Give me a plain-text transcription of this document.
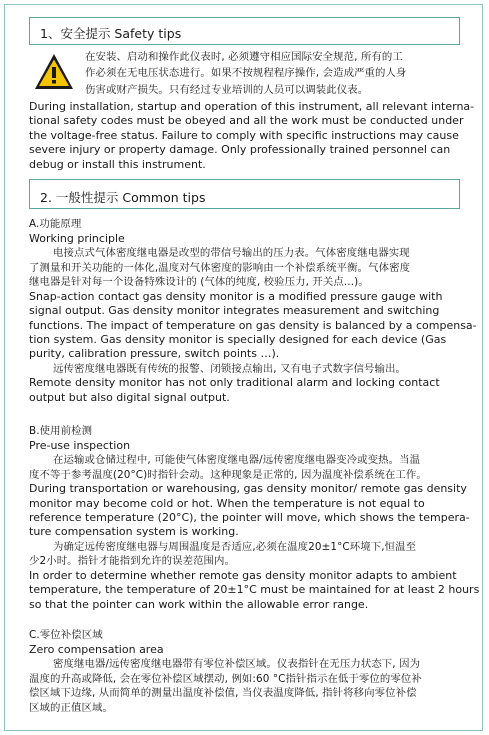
1、安全提示 Safety tips

在安装、启动和操作此仪表时, 必须遵守相应国际安全规范, 所有的工

作必须在无电压状态进行。如果不按规程程序操作, 会造成严重的人身

伤害或财产损失。只有经过专业培训的人员可以调装此仪表。

During installation, startup and operation of this instrument, all relevant interna-

tional safety codes must be obeyed and all the work must be conducted under

the voltage-free status. Failure to comply with specific instructions may cause

severe injury or property damage. Only professionally trained personnel can

debug or install this instrument.

2. 一般性提示 Common tips

A.功能原理

Working principle

电接点式气体密度继电器是改型的带信号输出的压力表。气体密度继电器实现

了测量和开关功能的一体化,温度对气体密度的影响由一个补偿系统平衡。气体密度

继电器是针对每一个设备特殊设计的 (气体的纯度, 校验压力, 开关点...)。

Snap-action contact gas density monitor is a modified pressure gauge with

signal output. Gas density monitor integrates measurement and switching

functions. The impact of temperature on gas density is balanced by a compensa-

tion system. Gas density monitor is specially designed for each device (Gas

purity, calibration pressure, switch points …).

远传密度继电器既有传统的报警、闭锁接点输出, 又有电子式数字信号输出。

Remote density monitor has not only traditional alarm and locking contact

output but also digital signal output.

B.使用前检测

Pre-use inspection

在运输或仓储过程中, 可能使气体密度继电器/远传密度继电器变冷或变热。当温

度不等于参考温度(20°C)时指针会动。这种现象是正常的, 因为温度补偿系统在工作。

During transportation or warehousing, gas density monitor/ remote gas density

monitor may become cold or hot. When the temperature is not equal to

reference temperature (20°C), the pointer will move, which shows the tempera-

ture compensation system is working.

为确定远传密度继电器与周围温度是否适应,必须在温度20±1°C环境下,恒温至

少2小时。指针才能指到允许的误差范围内。

In order to determine whether remote gas density monitor adapts to ambient

temperature, the temperature of 20±1°C must be maintained for at least 2 hours

so that the pointer can work within the allowable error range.

C.零位补偿区域

Zero compensation area

密度继电器/远传密度继电器带有零位补偿区域。仪表指针在无压力状态下, 因为

温度的升高或降低, 会在零位补偿区域摆动, 例如:60 °C指针指示在低于零位的零位补

偿区域下边缘, 从而简单的测量出温度补偿值, 当仪表温度降低, 指针将移向零位补偿

区域的正值区域。
